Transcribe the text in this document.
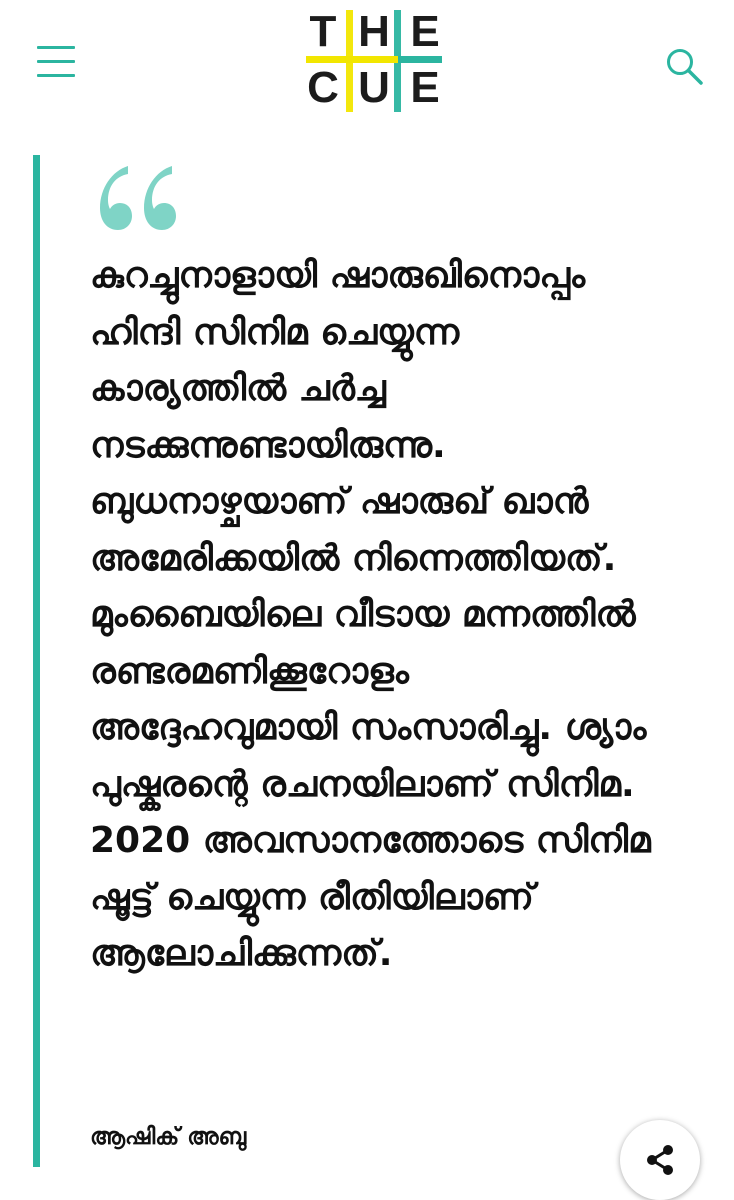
T H E
C U E
കുറച്ചുനാളായി ഷാരുഖിനൊപ്പം
ഹിന്ദി സിനിമ ചെയ്യുന്ന
കാര്യത്തിൽ ചർച്ച
നടക്കുന്നുണ്ടായിരുന്നു.
ബുധനാഴ്ചയാണ് ഷാരുഖ് ഖാൻ
അമേരിക്കയിൽ നിന്നെത്തിയത്.
മുംബൈയിലെ വീടായ മന്നത്തിൽ
രണ്ടരമണിക്കൂറോളം
അദ്ദേഹവുമായി സംസാരിച്ചു. ശ്യാം
പുഷ്കരന്റെ രചനയിലാണ് സിനിമ.
2020 അവസാനത്തോടെ സിനിമ
ഷൂട്ട് ചെയ്യുന്ന രീതിയിലാണ്
ആലോചിക്കുന്നത്.
ആഷിക് അബു
